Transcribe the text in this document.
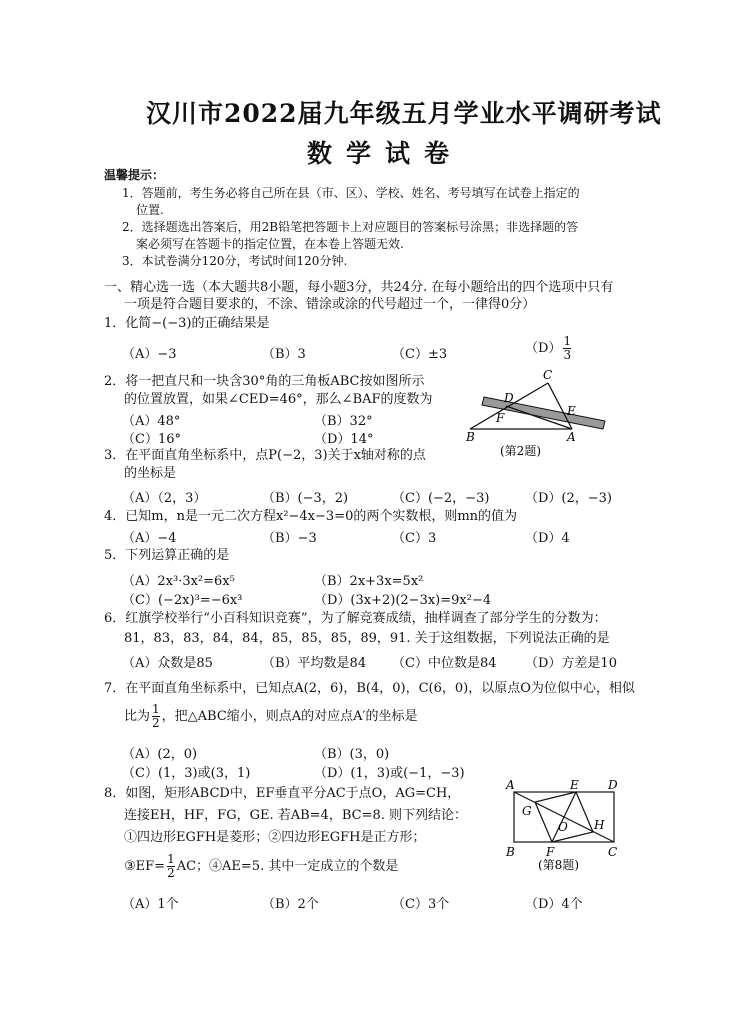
汉川市2022届九年级五月学业水平调研考试
数学试卷
温馨提示：
1．答题前，考生务必将自己所在县（市、区）、学校、姓名、考号填写在试卷上指定的
位置.
2．选择题选出答案后，用2B铅笔把答题卡上对应题目的答案标号涂黑；非选择题的答
案必须写在答题卡的指定位置，在本卷上答题无效.
3．本试卷满分120分，考试时间120分钟.
一、精心选一选（本大题共8小题，每小题3分，共24分. 在每小题给出的四个选项中只有
一项是符合题目要求的，不涂、错涂或涂的代号超过一个，一律得0分）
1．化简−(−3)的正确结果是
（A）−3	（B）3	（C）±3	$(D) \frac{1}{3}$
2．将一把直尺和一块含30°角的三角板ABC按如图所示
的位置放置，如果∠CED=46°，那么∠BAF的度数为
（A）48°	（B）32°
（C）16°	（D）14°
C
D
E
F
B	A
(第2题)
3．在平面直角坐标系中，点P(−2，3)关于x轴对称的点
的坐标是
（A）（2，3）	（B）(−3，2)	（C）(−2，−3)	（D）(2，−3)
4．已知m，n是一元二次方程x²−4x−3=0的两个实数根，则mn的值为
（A）−4	（B）−3	（C）3	（D）4
5．下列运算正确的是
（A）2x³·3x²=6x⁵	（B）2x+3x=5x²
（C）(−2x)³=−6x³	（D）(3x+2)(2−3x)=9x²−4
6．红旗学校举行“小百科知识竞赛”，为了解竞赛成绩，抽样调查了部分学生的分数为：
81，83，83，84，84，85，85，85，89，91. 关于这组数据，下列说法正确的是
（A）众数是85	（B）平均数是84 （C）中位数是84 （D）方差是10
7．在平面直角坐标系中，已知点A(2，6)，B(4，0)，C(6，0)，以原点O为位似中心，相似
比为 $\frac{1}{2}$ ，把△ABC缩小，则点A的对应点A′的坐标是
（A）(2，0)	（B）(3，0)
（C）(1，3)或(3，1)	（D）(1，3)或(−1，−3)
8．如图，矩形ABCD中，EF垂直平分AC于点O，AG=CH，
连接EH，HF，FG，GE. 若AB=4，BC=8. 则下列结论：
①四边形EGFH是菱形；②四边形EGFH是正方形；
③EF= $\frac{1}{2}$ AC；④AE=5. 其中一定成立的个数是
（A）1个	（B）2个	（C）3个	（D）4个
A	E D
G
O H
B	F	C
(第8题)
